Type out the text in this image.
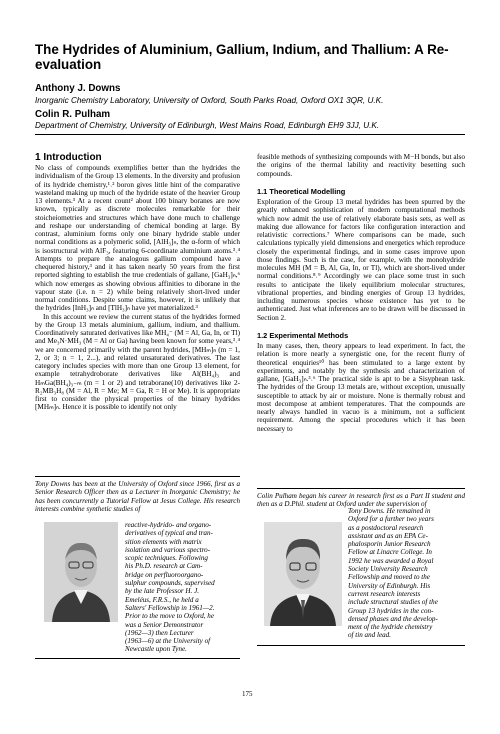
The Hydrides of Aluminium, Gallium, Indium, and Thallium: A Re-evaluation
Anthony J. Downs
Inorganic Chemistry Laboratory, University of Oxford, South Parks Road, Oxford OX1 3QR, U.K.
Colin R. Pulham
Department of Chemistry, University of Edinburgh, West Mains Road, Edinburgh EH9 3JJ, U.K.
1 Introduction

No class of compounds exemplifies better than the hydrides the individualism of the Group 13 elements. In the diversity and profusion of its hydride chemistry,¹˒² boron gives little hint of the comparative wasteland making up much of the hydride estate of the heavier Group 13 elements.³ At a recent count² about 100 binary boranes are now known, typically as discrete molecules remarkable for their stoicheiometries and structures which have done much to challenge and reshape our understanding of chemical bonding at large. By contrast, aluminium forms only one binary hydride stable under normal conditions as a polymeric solid, [AlH₃]ₙ, the α-form of which is isostructural with AlF₃, featuring 6-coordinate aluminium atoms.³˒⁴ Attempts to prepare the analogous gallium compound have a chequered history,³ and it has taken nearly 50 years from the first reported sighting to establish the true credentials of gallane, [GaH₃]ₙ,⁶ which now emerges as showing obvious affinities to diborane in the vapour state (i.e. n = 2) while being relatively short-lived under normal conditions. Despite some claims, however, it is unlikely that the hydrides [InH₃]ₙ and [TlH₃]ₙ have yet materialized.³

In this account we review the current status of the hydrides formed by the Group 13 metals aluminium, gallium, indium, and thallium. Coordinatively saturated derivatives like MH₄⁻ (M = Al, Ga, In, or Tl) and Me₃N·MH₃ (M = Al or Ga) having been known for some years,³˒⁴ we are concerned primarily with the parent hydrides, [MHₘ]ₙ (m = 1, 2, or 3; n = 1, 2...), and related unsaturated derivatives. The last category includes species with more than one Group 13 element, for example tetrahydroborate derivatives like Al(BH₄)₃ and HₘGa(BH₄)₃₋ₘ (m = 1 or 2) and tetraborane(10) derivatives like 2-R₂MB₃H₈ (M = Al, R = Me; M = Ga, R = H or Me). It is appropriate first to consider the physical properties of the binary hydrides [MHₘ]ₙ. Hence it is possible to identify not only

feasible methods of synthesizing compounds with M−H bonds, but also the origins of the thermal lability and reactivity besetting such compounds.

1.1 Theoretical Modelling

Exploration of the Group 13 metal hydrides has been spurred by the greatly enhanced sophistication of modern computational methods which now admit the use of relatively elaborate basis sets, as well as making due allowance for factors like configuration interaction and relativistic corrections.⁷ Where comparisons can be made, such calculations typically yield dimensions and energetics which reproduce closely the experimental findings, and in some cases improve upon those findings. Such is the case, for example, with the monohydride molecules MH (M = B, Al, Ga, In, or Tl), which are short-lived under normal conditions.⁸˒⁹ Accordingly we can place some trust in such results to anticipate the likely equilibrium molecular structures, vibrational properties, and binding energies of Group 13 hydrides, including numerous species whose existence has yet to be authenticated. Just what inferences are to be drawn will be discussed in Section 2.

1.2 Experimental Methods

In many cases, then, theory appears to lead experiment. In fact, the relation is more nearly a synergistic one, for the recent flurry of theoretical enquiries¹⁰ has been stimulated to a large extent by experiments, and notably by the synthesis and characterization of gallane, [GaH₃]ₙ.³˒⁶ The practical side is apt to be a Sisyphean task. The hydrides of the Group 13 metals are, without exception, unusually susceptible to attack by air or moisture. None is thermally robust and most decompose at ambient temperatures. That the compounds are nearly always handled in vacuo is a minimum, not a sufficient requirement. Among the special procedures which it has been necessary to

Tony Downs has been at the University of Oxford since 1966, first as a Senior Research Officer then as a Lecturer in Inorganic Chemistry; he has been concurrently a Tutorial Fellow at Jesus College. His research interests combine synthetic studies of
reactive-hydrido- and organo-
derivatives of typical and tran-
sition elements with matrix
isolation and various spectro-
scopic techniques. Following
his Ph.D. research at Cam-
bridge on perfluoroorgano-
sulphur compounds, supervised
by the late Professor H. J.
Emeléus, F.R.S., he held a
Salters' Fellowship in 1961—2.
Prior to the move to Oxford, he
was a Senior Demonstrator
(1962—3) then Lecturer
(1963—6) at the University of
Newcastle upon Tyne.
Colin Pulham began his career in research first as a Part II student and then as a D.Phil. student at Oxford under the supervision of
Tony Downs. He remained in
Oxford for a further two years
as a postdoctoral research
assistant and as an EPA Ce-
phalosporin Junior Research
Fellow at Linacre College. In
1992 he was awarded a Royal
Society University Research
Fellowship and moved to the
University of Edinburgh. His
current research interests
include structural studies of the
Group 13 hydrides in the con-
densed phases and the develop-
ment of the hydride chemistry
of tin and lead.
175
